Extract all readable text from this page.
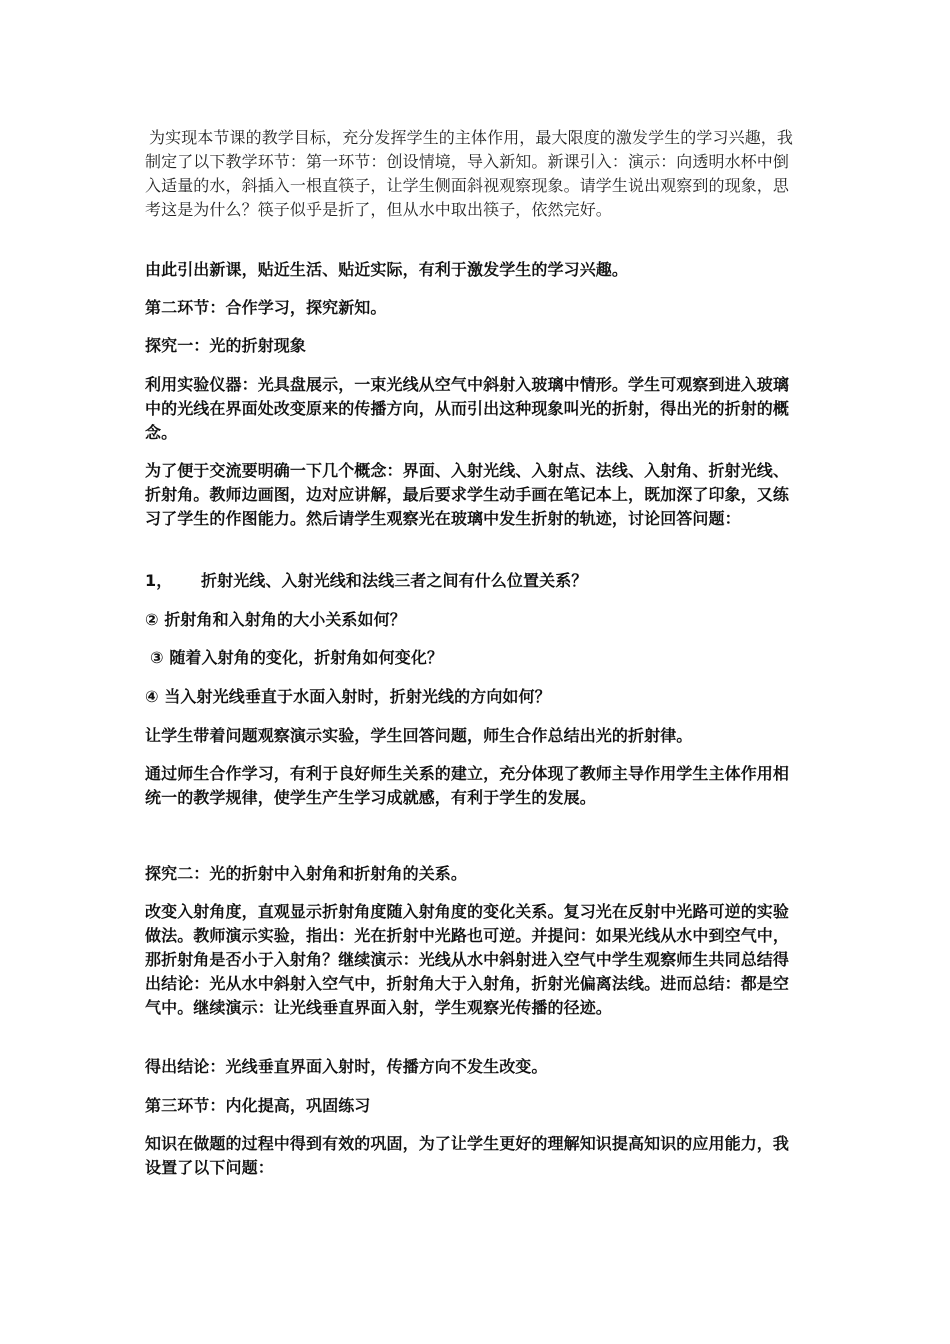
为实现本节课的教学目标，充分发挥学生的主体作用，最大限度的激发学生的学习兴趣，我制定了以下教学环节：第一环节：创设情境，导入新知。新课引入：演示：向透明水杯中倒入适量的水，斜插入一根直筷子，让学生侧面斜视观察现象。请学生说出观察到的现象，思考这是为什么？筷子似乎是折了，但从水中取出筷子，依然完好。

由此引出新课，贴近生活、贴近实际，有利于激发学生的学习兴趣。

第二环节：合作学习，探究新知。

探究一：光的折射现象

利用实验仪器：光具盘展示，一束光线从空气中斜射入玻璃中情形。学生可观察到进入玻璃中的光线在界面处改变原来的传播方向，从而引出这种现象叫光的折射，得出光的折射的概念。

为了便于交流要明确一下几个概念：界面、入射光线、入射点、法线、入射角、折射光线、折射角。教师边画图，边对应讲解，最后要求学生动手画在笔记本上，既加深了印象，又练习了学生的作图能力。然后请学生观察光在玻璃中发生折射的轨迹，讨论回答问题：

1， 折射光线、入射光线和法线三者之间有什么位置关系？

② 折射角和入射角的大小关系如何？

③ 随着入射角的变化，折射角如何变化？

④ 当入射光线垂直于水面入射时，折射光线的方向如何？

让学生带着问题观察演示实验，学生回答问题，师生合作总结出光的折射律。

通过师生合作学习，有利于良好师生关系的建立，充分体现了教师主导作用学生主体作用相统一的教学规律，使学生产生学习成就感，有利于学生的发展。

探究二：光的折射中入射角和折射角的关系。

改变入射角度，直观显示折射角度随入射角度的变化关系。复习光在反射中光路可逆的实验做法。教师演示实验，指出：光在折射中光路也可逆。并提问：如果光线从水中到空气中，那折射角是否小于入射角？继续演示：光线从水中斜射进入空气中学生观察师生共同总结得出结论：光从水中斜射入空气中，折射角大于入射角，折射光偏离法线。进而总结：都是空气中。继续演示：让光线垂直界面入射，学生观察光传播的径迹。

得出结论：光线垂直界面入射时，传播方向不发生改变。

第三环节：内化提高，巩固练习

知识在做题的过程中得到有效的巩固，为了让学生更好的理解知识提高知识的应用能力，我设置了以下问题：
